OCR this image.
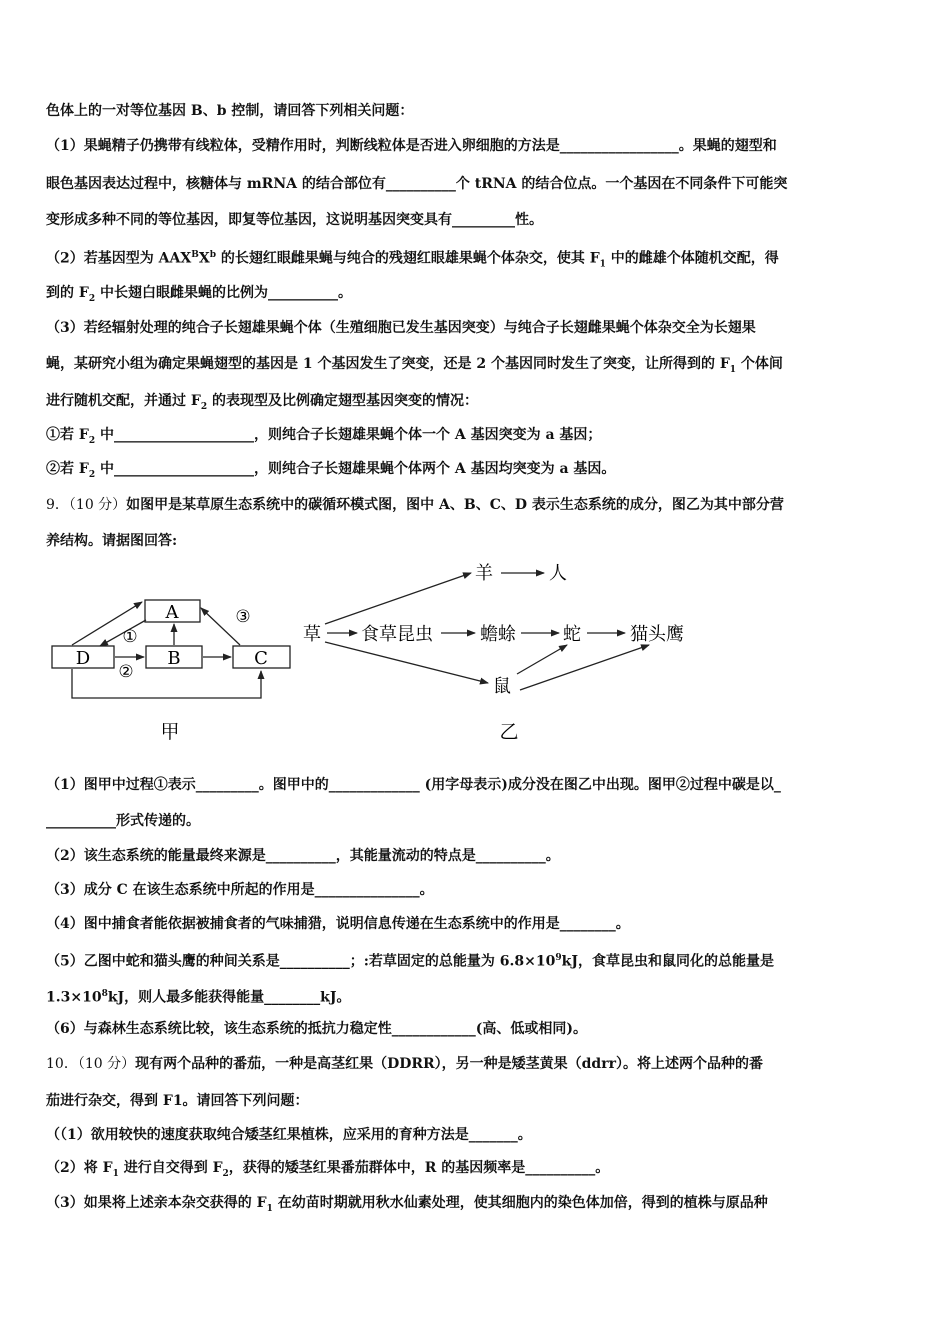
色体上的一对等位基因 B、b 控制，请回答下列相关问题：
（1）果蝇精子仍携带有线粒体，受精作用时，判断线粒体是否进入卵细胞的方法是_________________。果蝇的翅型和
眼色基因表达过程中，核糖体与 mRNA 的结合部位有__________个 tRNA 的结合位点。一个基因在不同条件下可能突
变形成多种不同的等位基因，即复等位基因，这说明基因突变具有_________性。
（2）若基因型为 $AAX^BX^b$ 的长翅红眼雌果蝇与纯合的残翅红眼雄果蝇个体杂交，使其 $F_1$ 中的雌雄个体随机交配，得
到的 $F_2$ 中长翅白眼雌果蝇的比例为__________。
（3）若经辐射处理的纯合子长翅雄果蝇个体（生殖细胞已发生基因突变）与纯合子长翅雌果蝇个体杂交全为长翅果
蝇，某研究小组为确定果蝇翅型的基因是 1 个基因发生了突变，还是 2 个基因同时发生了突变，让所得到的 $F_1$ 个体间
进行随机交配，并通过 $F_2$ 的表现型及比例确定翅型基因突变的情况：
①若 $F_2$ 中____________________，则纯合子长翅雄果蝇个体一个 A 基因突变为 a 基因；
②若 $F_2$ 中____________________，则纯合子长翅雄果蝇个体两个 A 基因均突变为 a 基因。
9．（10 分）如图甲是某草原生态系统中的碳循环模式图，图中 A、B、C、D 表示生态系统的成分，图乙为其中部分营
养结构。请据图回答:
A
D	B	C
①
②
③
甲
草 食草昆虫	蟾蜍	蛇	猫头鹰
羊	人
鼠
乙
（1）图甲中过程①表示_________。图甲中的_____________ (用字母表示)成分没在图乙中出现。图甲②过程中碳是以_
__________形式传递的。
（2）该生态系统的能量最终来源是__________，其能量流动的特点是__________。
（3）成分 C 在该生态系统中所起的作用是_______________。
（4）图中捕食者能依据被捕食者的气味捕猎，说明信息传递在生态系统中的作用是________。
（5）乙图中蛇和猫头鹰的种间关系是__________；:若草固定的总能量为 $6.8\times 10^9kJ$，食草昆虫和鼠同化的总能量是
$1.3\times 10^8kJ$，则人最多能获得能量________kJ。
（6）与森林生态系统比较，该生态系统的抵抗力稳定性____________(高、低或相同)。
10．（10 分）现有两个品种的番茄，一种是高茎红果（DDRR），另一种是矮茎黄果（ddrr）。将上述两个品种的番
茄进行杂交，得到 F1。请回答下列问题：
（（1）欲用较快的速度获取纯合矮茎红果植株，应采用的育种方法是_______。
（2）将 $F_1$ 进行自交得到 $F_2$，获得的矮茎红果番茄群体中，R 的基因频率是__________。
（3）如果将上述亲本杂交获得的 $F_1$ 在幼苗时期就用秋水仙素处理，使其细胞内的染色体加倍，得到的植株与原品种
